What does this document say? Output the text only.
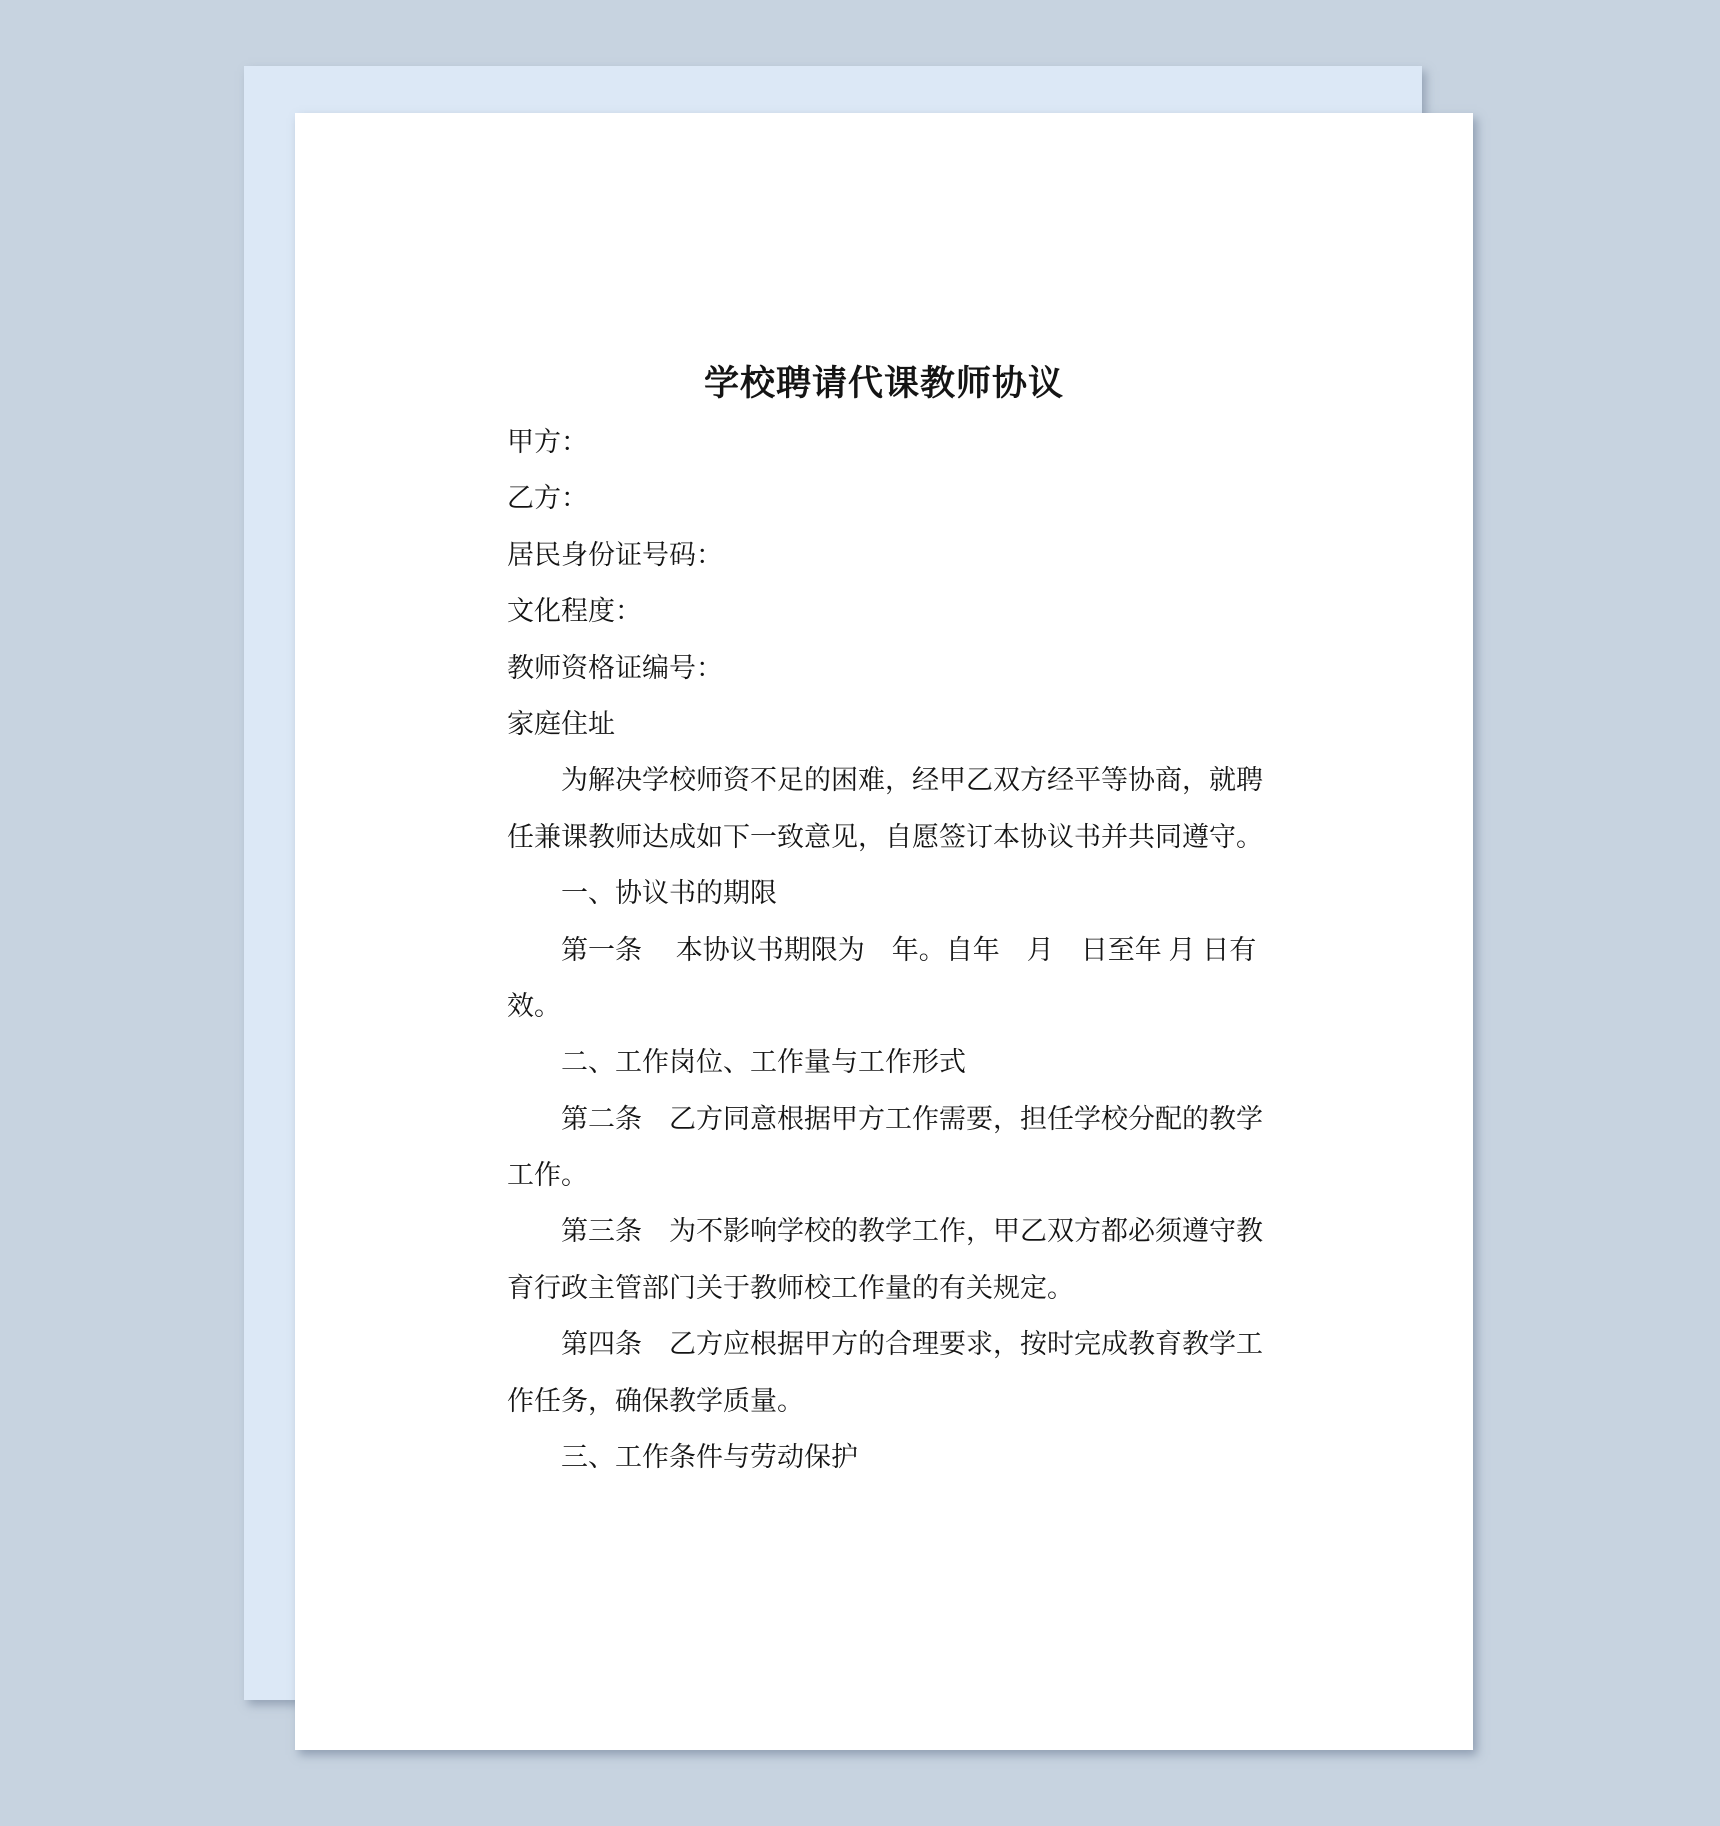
学校聘请代课教师协议
甲方：
乙方：
居民身份证号码：
文化程度：
教师资格证编号：
家庭住址
　　为解决学校师资不足的困难，经甲乙双方经平等协商，就聘
任兼课教师达成如下一致意见，自愿签订本协议书并共同遵守。
　　一、协议书的期限
　　第一条　 本协议书期限为　年。自年　月　日至年 月 日有
效。
　　二、工作岗位、工作量与工作形式
　　第二条　乙方同意根据甲方工作需要，担任学校分配的教学
工作。
　　第三条　为不影响学校的教学工作，甲乙双方都必须遵守教
育行政主管部门关于教师校工作量的有关规定。
　　第四条　乙方应根据甲方的合理要求，按时完成教育教学工
作任务，确保教学质量。
　　三、工作条件与劳动保护
